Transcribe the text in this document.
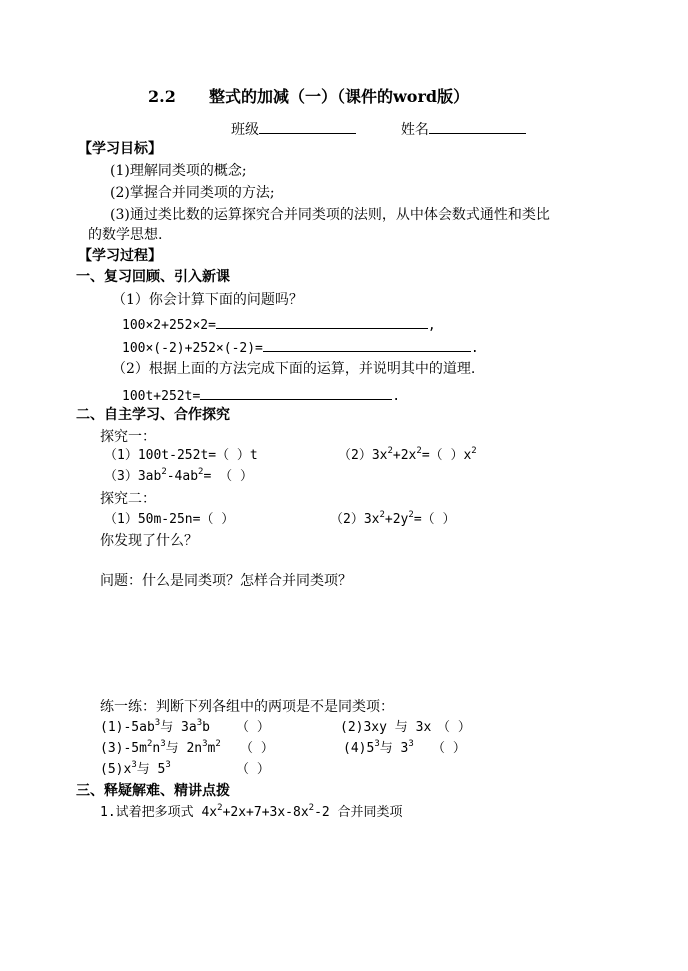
2.2 整式的加减（一）（课件的word版）
班级	姓名
【学习目标】
(1)理解同类项的概念;
(2)掌握合并同类项的方法;
(3)通过类比数的运算探究合并同类项的法则，从中体会数式通性和类比
的数学思想.
【学习过程】
一、复习回顾、引入新课
（1）你会计算下面的问题吗？
100×2+252×2=	,
100×(-2)+252×(-2)=	.
（2）根据上面的方法完成下面的运算，并说明其中的道理.
100t+252t=	.
二、自主学习、合作探究
探究一：
（1）100t-252t=（ ）t	$(2)3x^2+2x^2=$（ ）$x^2$
$(3)3ab^2-4ab^2=$ （ ）
探究二：
（1）50m-25n=（ ）	$(2)3x^2+2y^2=$（ ）
你发现了什么？
问题：什么是同类项？怎样合并同类项？
练一练：判断下列各组中的两项是不是同类项：
$(1)-5ab^3$与 $3a^3b$ （ ）	(2)3xy 与 3x （ ）
$(3)-5m^2n^3$与 $2n^3m^2$ （ ）	$(4)5^3$与 $3^3$ （ ）
$(5)x^3$与 $5^3$	（ ）
三、释疑解难、精讲点拨
1.试着把多项式 $4x^2+2x+7+3x-8x^2-2$ 合并同类项
